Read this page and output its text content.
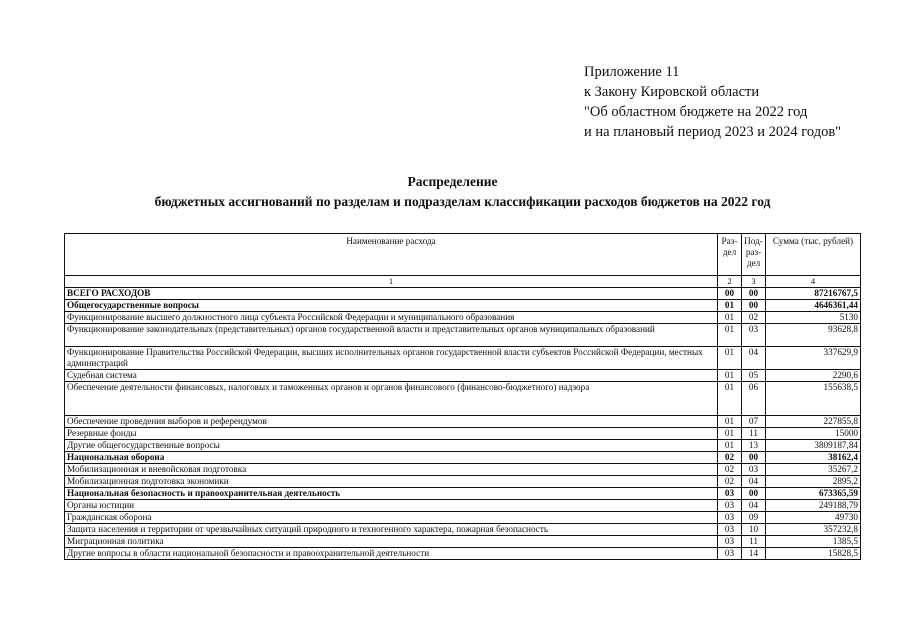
Приложение 11
к Закону Кировской области
"Об областном бюджете на 2022 год
и на плановый период 2023 и 2024 годов"
Распределение
бюджетных ассигнований по разделам и подразделам классификации расходов бюджетов на 2022 год
Наименование расхода	Раз-дел	Под-раз-дел	Сумма (тыс. рублей)
1	2	3	4
ВСЕГО РАСХОДОВ	00	00	87216767,5
Общегосударственные вопросы	01	00	4646361,44
Функционирование высшего должностного лица субъекта Российской Федерации и муниципального образования	01	02	5130
Функционирование законодательных (представительных) органов государственной власти и представительных органов муниципальных образований	01	03	93628,8
Функционирование Правительства Российской Федерации, высших исполнительных органов государственной власти субъектов Российской Федерации, местных администраций	01	04	337629,9
Судебная система	01	05	2290,6
Обеспечение деятельности финансовых, налоговых и таможенных органов и органов финансового (финансово-бюджетного) надзора	01	06	155638,5
Обеспечение проведения выборов и референдумов	01	07	227855,8
Резервные фонды	01	11	15000
Другие общегосударственные вопросы	01	13	3809187,84
Национальная оборона	02	00	38162,4
Мобилизационная и вневойсковая подготовка	02	03	35267,2
Мобилизационная подготовка экономики	02	04	2895,2
Национальная безопасность и правоохранительная деятельность	03	00	673365,59
Органы юстиции	03	04	249188,79
Гражданская оборона	03	09	49730
Защита населения и территории от чрезвычайных ситуаций природного и техногенного характера, пожарная безопасность	03	10	357232,8
Миграционная политика	03	11	1385,5
Другие вопросы в области национальной безопасности и правоохранительной деятельности	03	14	15828,5
